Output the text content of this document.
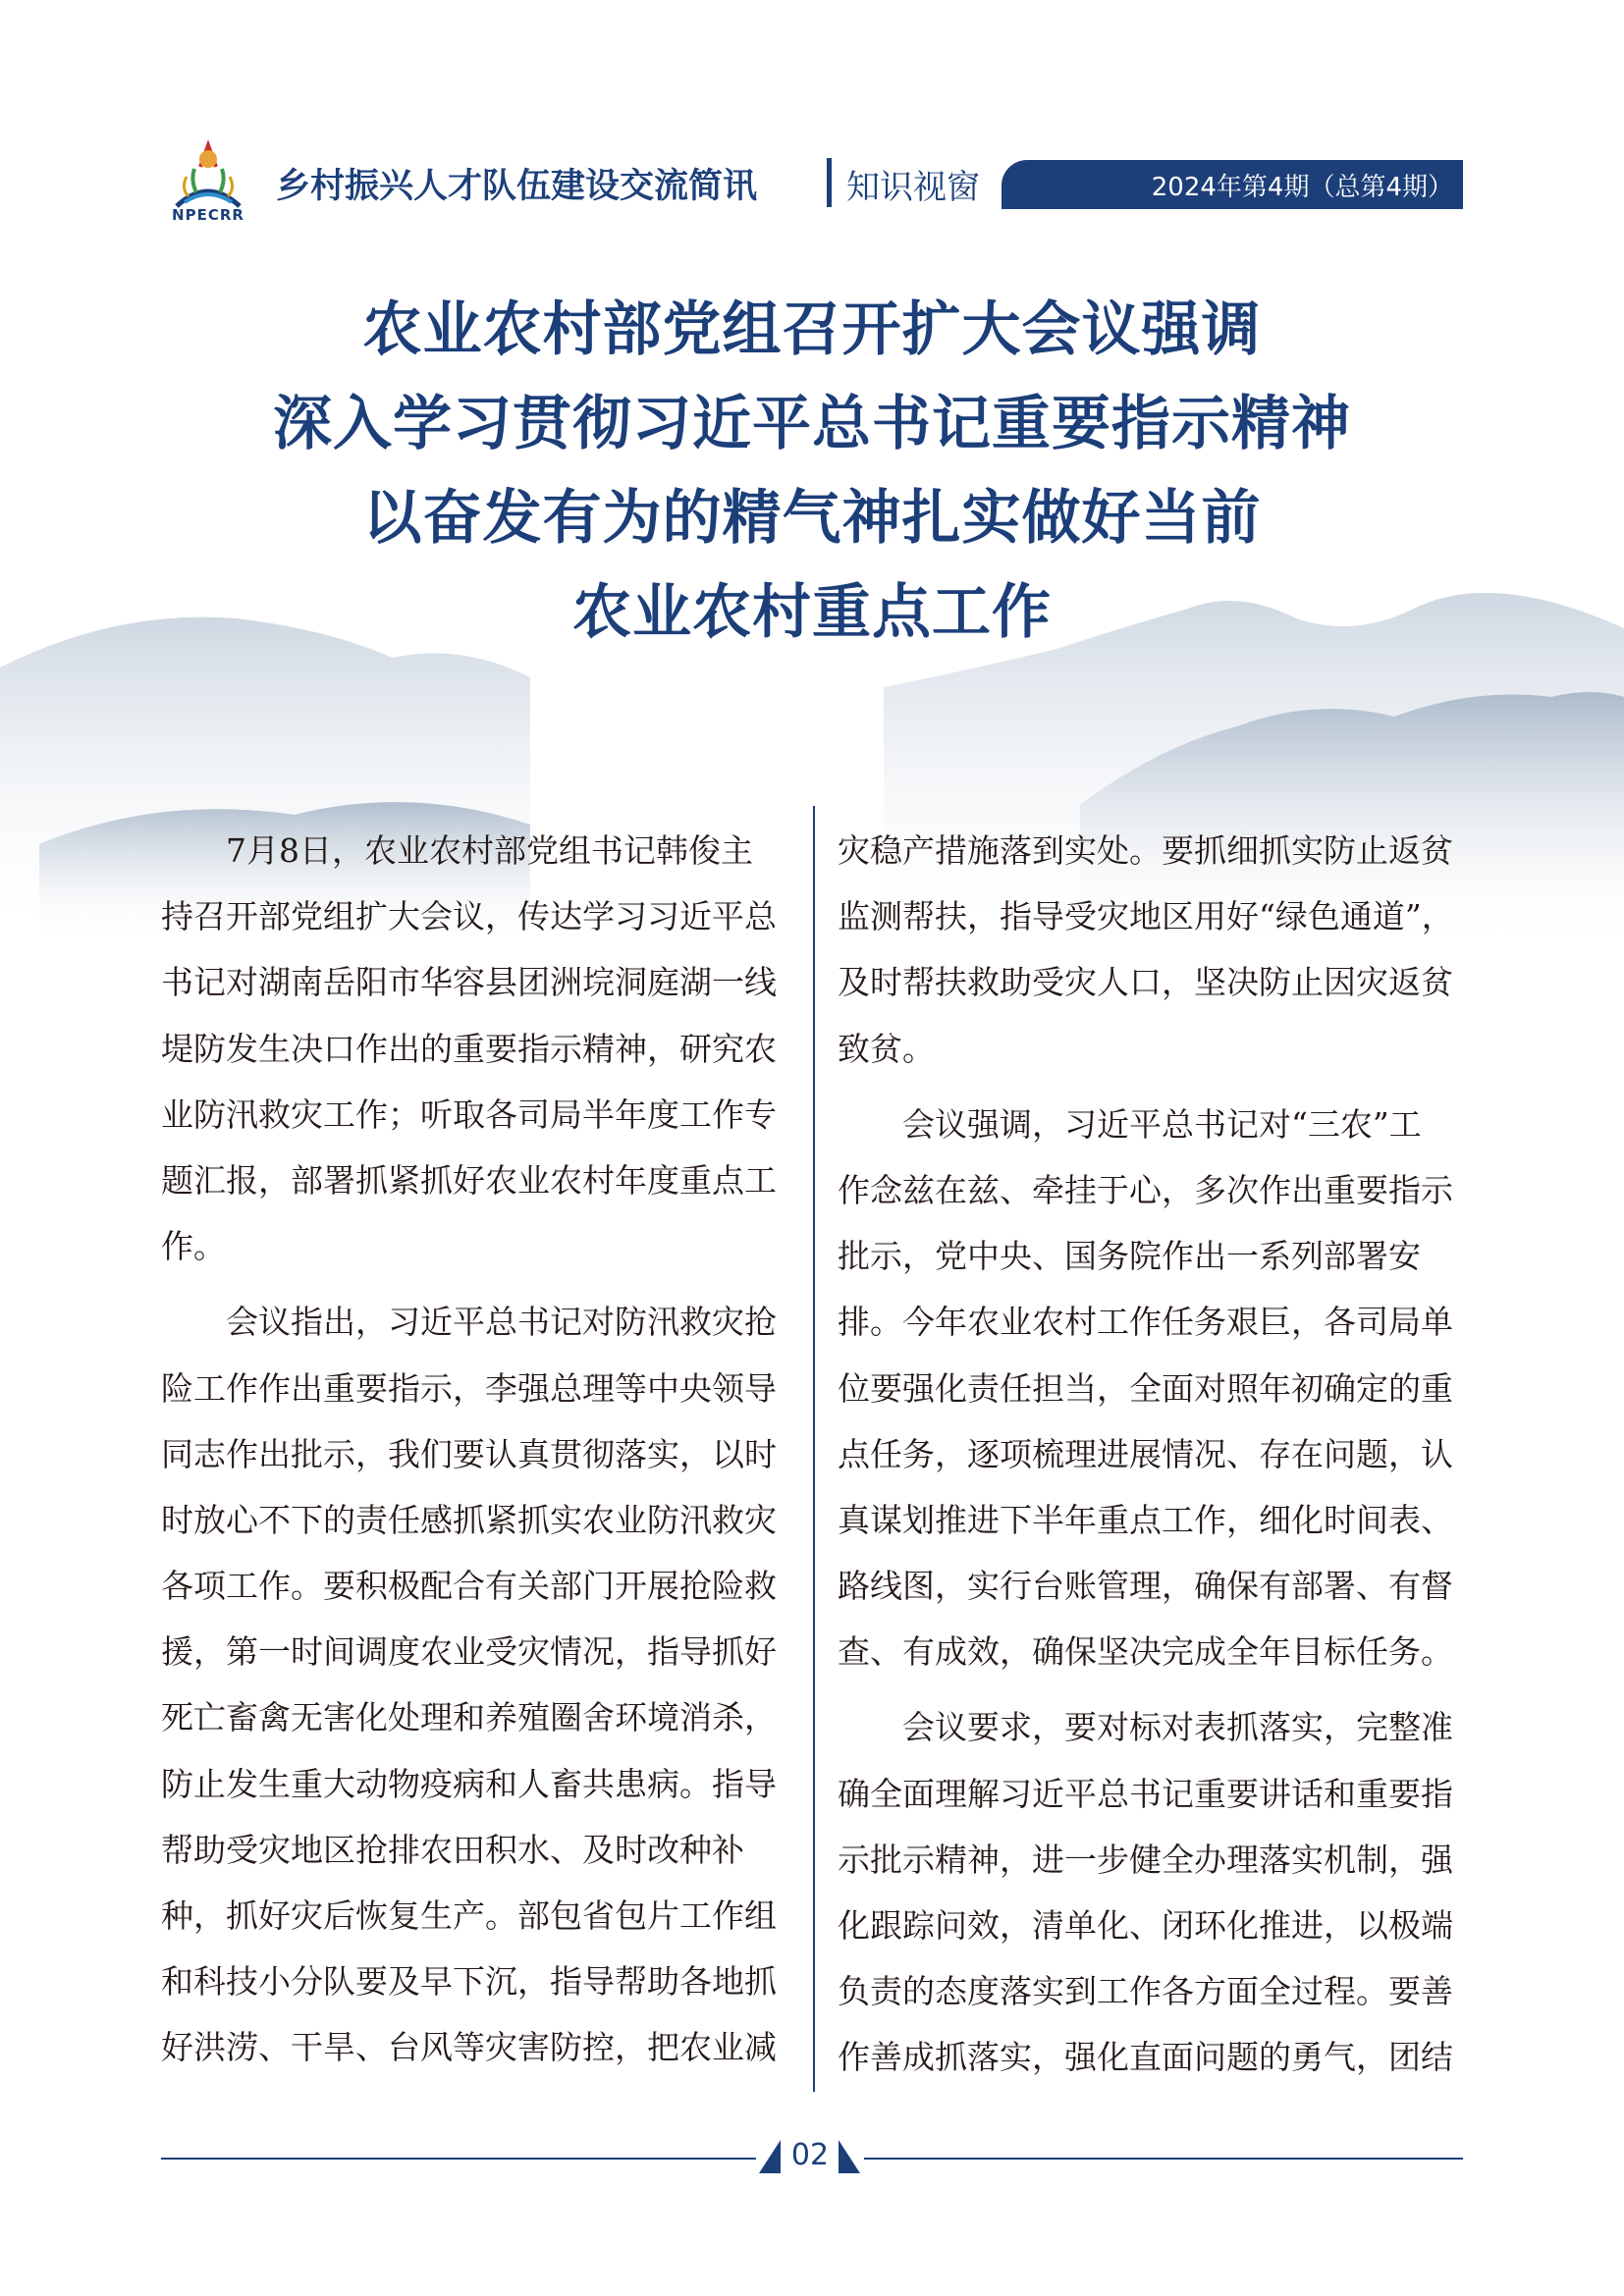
NPECRR
乡村振兴人才队伍建设交流简讯	知识视窗	2024年第4期（总第4期）
农业农村部党组召开扩大会议强调
深入学习贯彻习近平总书记重要指示精神
以奋发有为的精气神扎实做好当前
农业农村重点工作
　　7月8日，农业农村部党组书记韩俊主
持召开部党组扩大会议，传达学习习近平总
书记对湖南岳阳市华容县团洲垸洞庭湖一线
堤防发生决口作出的重要指示精神，研究农
业防汛救灾工作；听取各司局半年度工作专
题汇报，部署抓紧抓好农业农村年度重点工
作。
　　会议指出，习近平总书记对防汛救灾抢
险工作作出重要指示，李强总理等中央领导
同志作出批示，我们要认真贯彻落实，以时
时放心不下的责任感抓紧抓实农业防汛救灾
各项工作。要积极配合有关部门开展抢险救
援，第一时间调度农业受灾情况，指导抓好
死亡畜禽无害化处理和养殖圈舍环境消杀，
防止发生重大动物疫病和人畜共患病。指导
帮助受灾地区抢排农田积水、及时改种补
种，抓好灾后恢复生产。部包省包片工作组
和科技小分队要及早下沉，指导帮助各地抓
好洪涝、干旱、台风等灾害防控，把农业减
灾稳产措施落到实处。要抓细抓实防止返贫
监测帮扶，指导受灾地区用好“绿色通道”，
及时帮扶救助受灾人口，坚决防止因灾返贫
致贫。
　　会议强调，习近平总书记对“三农”工
作念兹在兹、牵挂于心，多次作出重要指示
批示，党中央、国务院作出一系列部署安
排。今年农业农村工作任务艰巨，各司局单
位要强化责任担当，全面对照年初确定的重
点任务，逐项梳理进展情况、存在问题，认
真谋划推进下半年重点工作，细化时间表、
路线图，实行台账管理，确保有部署、有督
查、有成效，确保坚决完成全年目标任务。
　　会议要求，要对标对表抓落实，完整准
确全面理解习近平总书记重要讲话和重要指
示批示精神，进一步健全办理落实机制，强
化跟踪问效，清单化、闭环化推进，以极端
负责的态度落实到工作各方面全过程。要善
作善成抓落实，强化直面问题的勇气，团结
02
